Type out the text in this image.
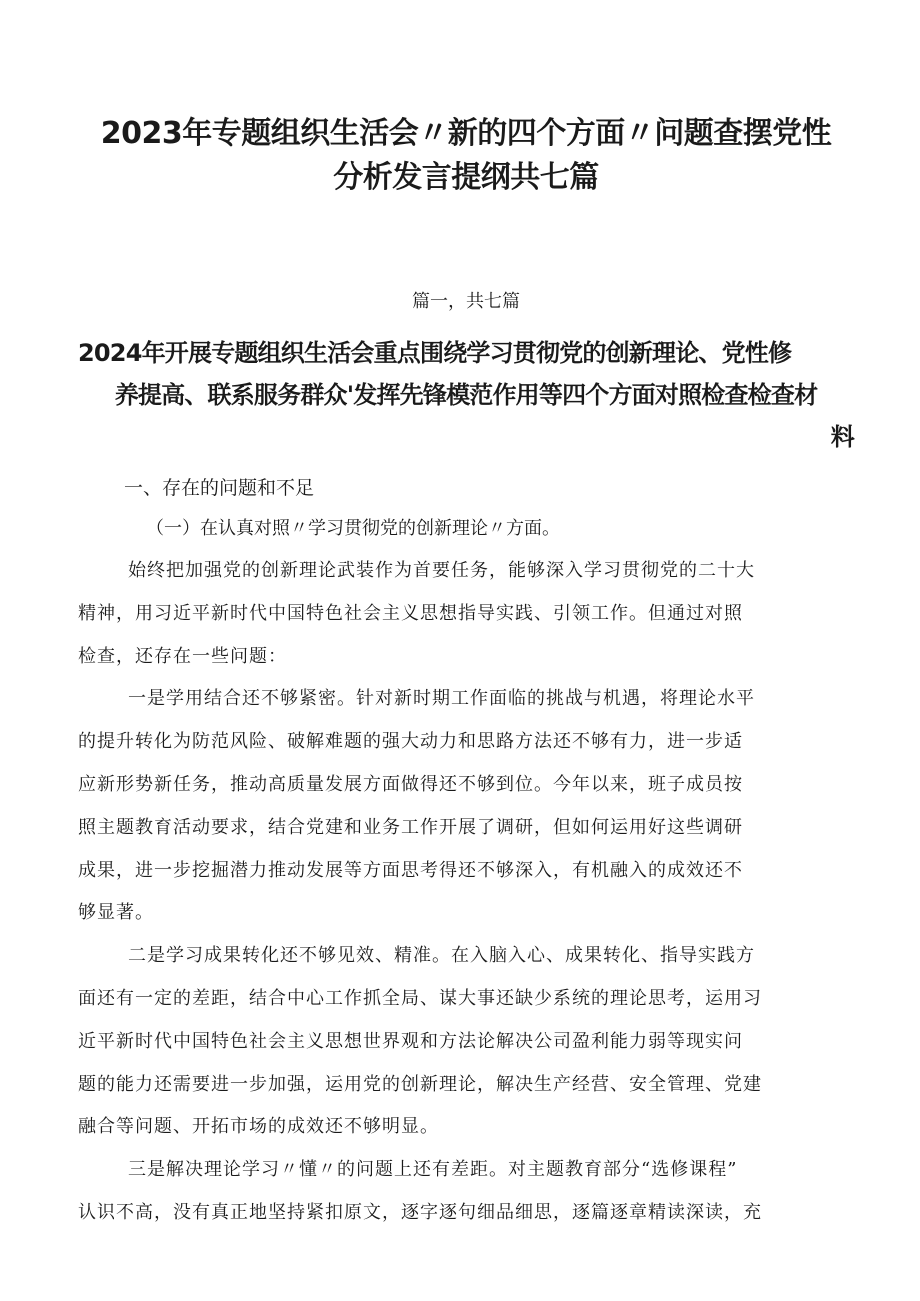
2023年专题组织生活会〃新的四个方面〃问题查摆党性
分析发言提纲共七篇
篇一，共七篇
2024年开展专题组织生活会重点围绕学习贯彻党的创新理论、党性修
养提高、联系服务群众'发挥先锋模范作用等四个方面对照检查检查材
料
一、存在的问题和不足
（一）在认真对照〃学习贯彻党的创新理论〃方面。
始终把加强党的创新理论武装作为首要任务，能够深入学习贯彻党的二十大
精神，用习近平新时代中国特色社会主义思想指导实践、引领工作。但通过对照
检查，还存在一些问题：
一是学用结合还不够紧密。针对新时期工作面临的挑战与机遇，将理论水平
的提升转化为防范风险、破解难题的强大动力和思路方法还不够有力，进一步适
应新形势新任务，推动高质量发展方面做得还不够到位。今年以来，班子成员按
照主题教育活动要求，结合党建和业务工作开展了调研，但如何运用好这些调研
成果，进一步挖掘潜力推动发展等方面思考得还不够深入，有机融入的成效还不
够显著。
二是学习成果转化还不够见效、精准。在入脑入心、成果转化、指导实践方
面还有一定的差距，结合中心工作抓全局、谋大事还缺少系统的理论思考，运用习
近平新时代中国特色社会主义思想世界观和方法论解决公司盈利能力弱等现实问
题的能力还需要进一步加强，运用党的创新理论，解决生产经营、安全管理、党建
融合等问题、开拓市场的成效还不够明显。
三是解决理论学习〃懂〃的问题上还有差距。对主题教育部分“选修课程”
认识不高，没有真正地坚持紧扣原文，逐字逐句细品细思，逐篇逐章精读深读，充
